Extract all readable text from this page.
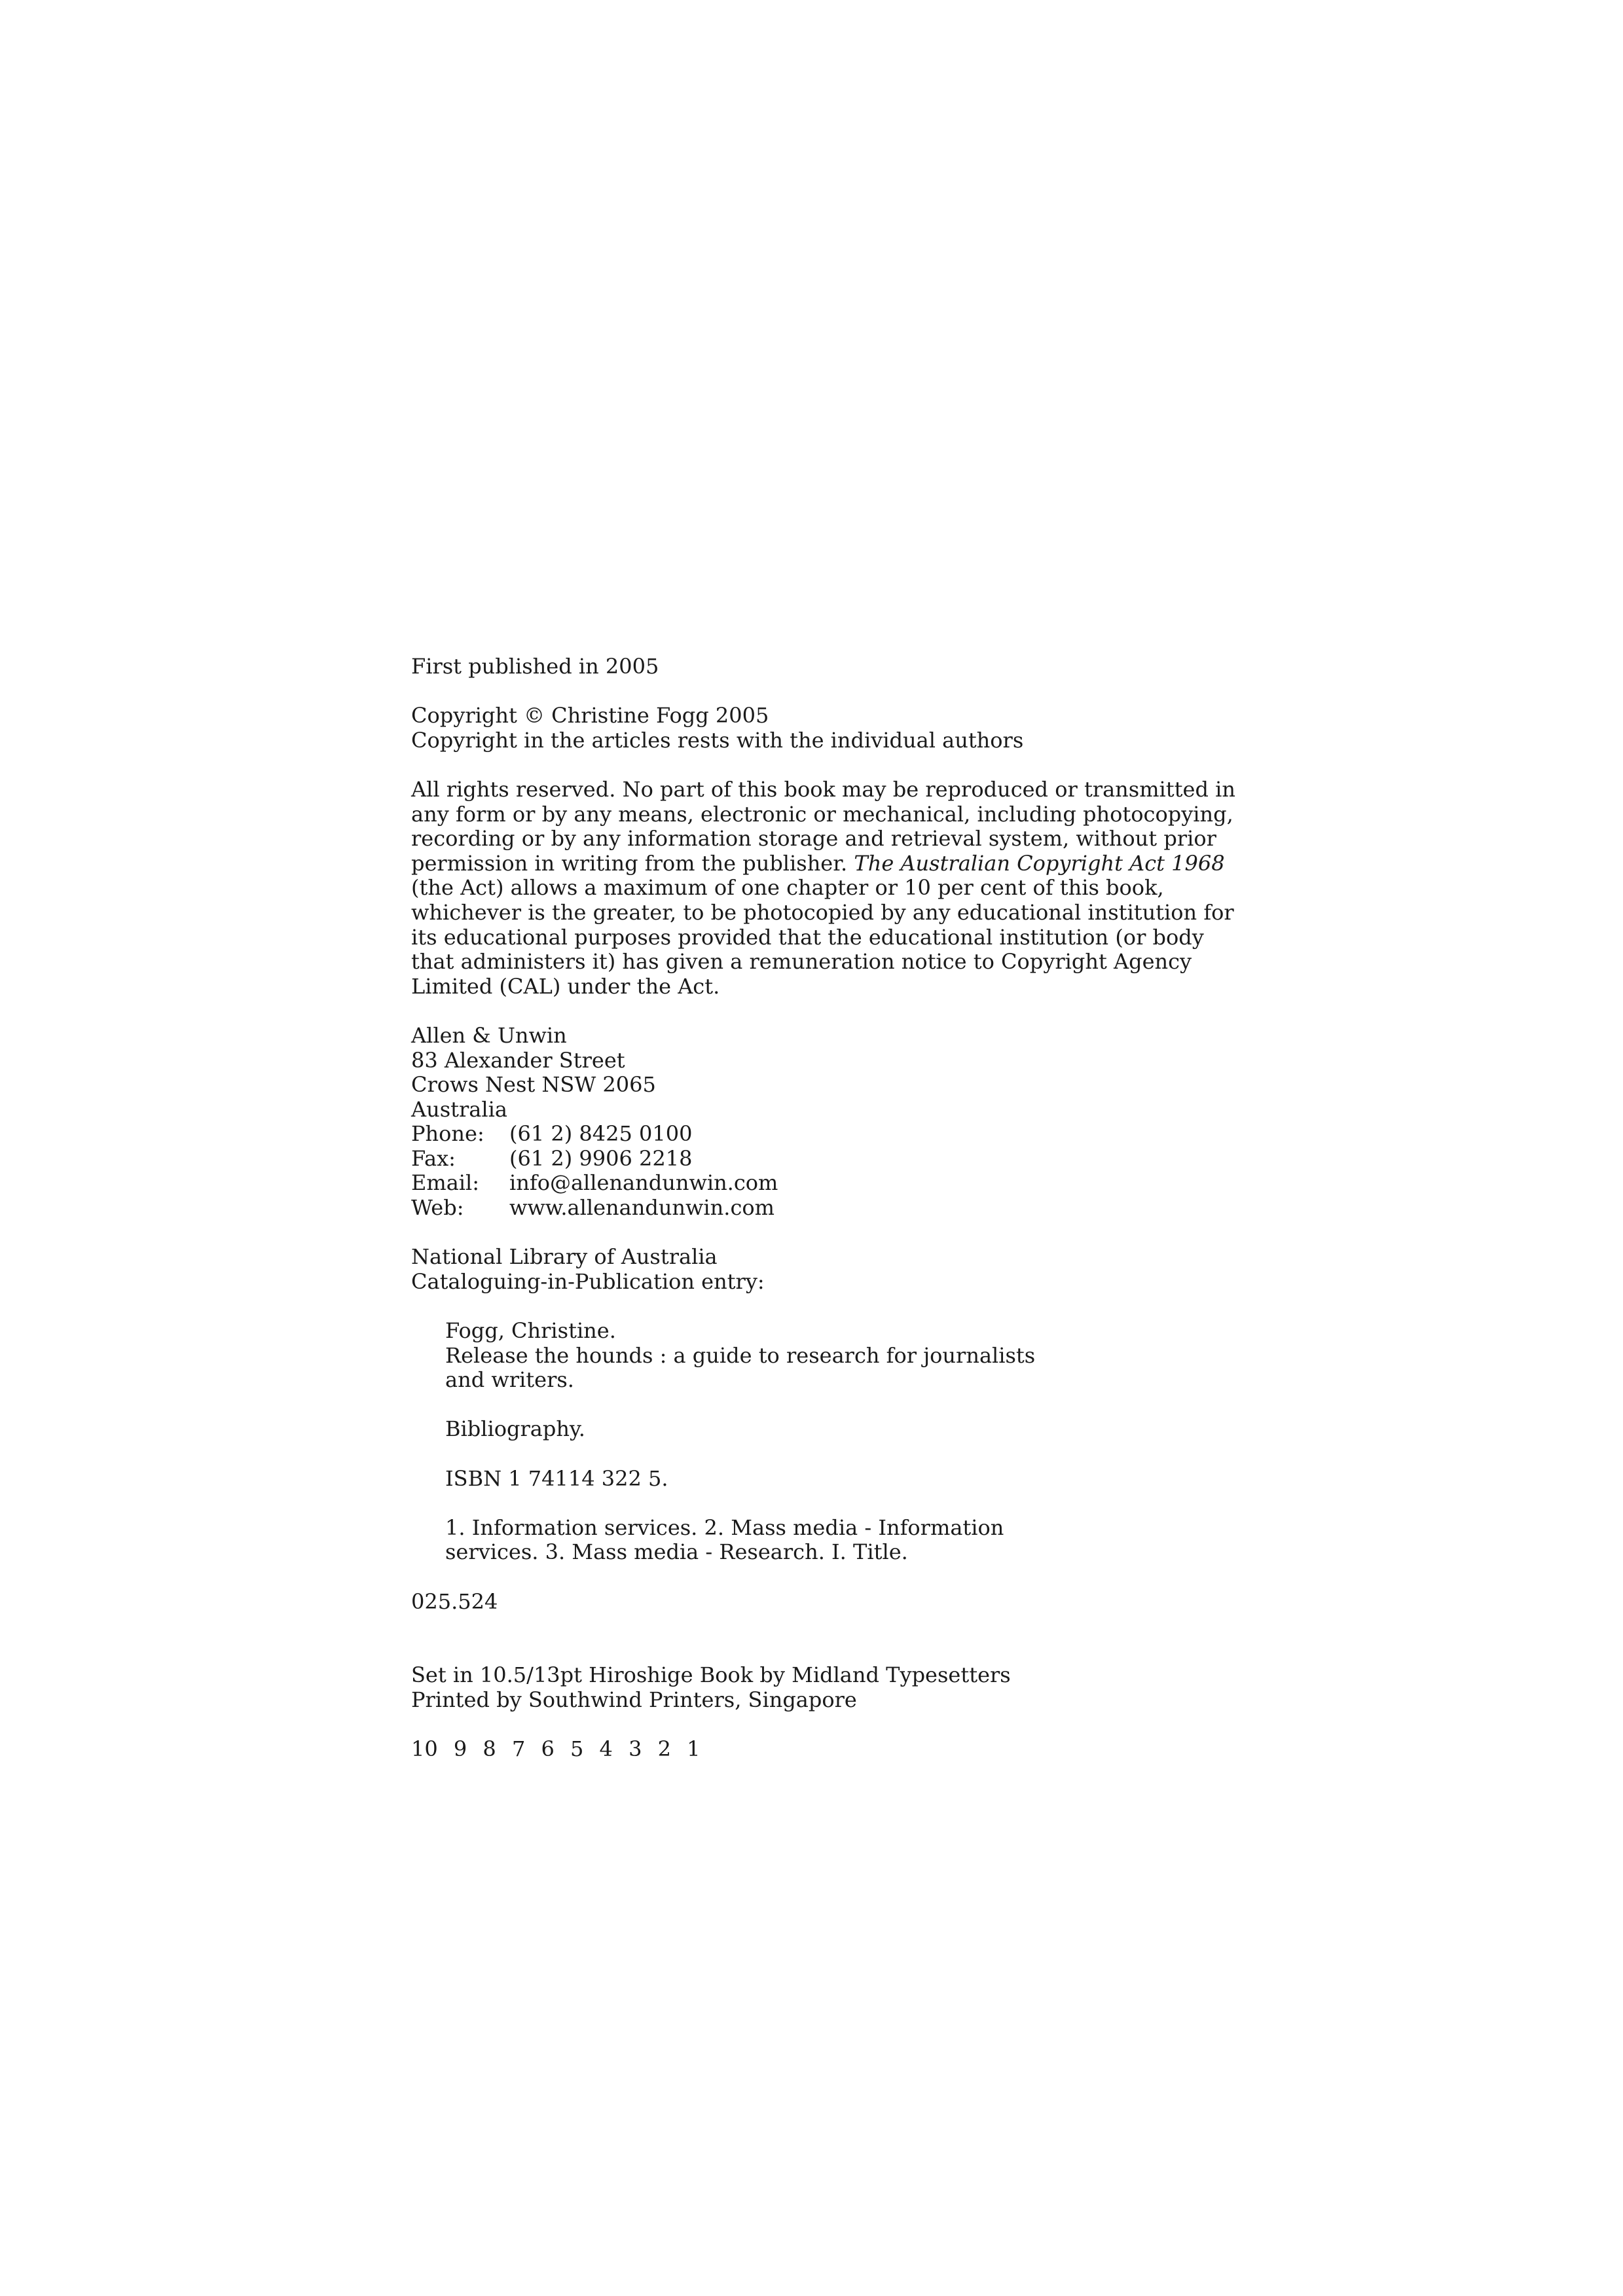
First published in 2005
Copyright © Christine Fogg 2005
Copyright in the articles rests with the individual authors
All rights reserved. No part of this book may be reproduced or transmitted in
any form or by any means, electronic or mechanical, including photocopying,
recording or by any information storage and retrieval system, without prior
permission in writing from the publisher. The Australian Copyright Act 1968
(the Act) allows a maximum of one chapter or 10 per cent of this book,
whichever is the greater, to be photocopied by any educational institution for
its educational purposes provided that the educational institution (or body
that administers it) has given a remuneration notice to Copyright Agency
Limited (CAL) under the Act.
Allen & Unwin
83 Alexander Street
Crows Nest NSW 2065
Australia
Phone:	(61 2) 8425 0100
Fax:	(61 2) 9906 2218
Email:	info@allenandunwin.com
Web:	www.allenandunwin.com
National Library of Australia
Cataloguing-in-Publication entry:
Fogg, Christine.
Release the hounds : a guide to research for journalists
and writers.
Bibliography.
ISBN 1 74114 322 5.
1. Information services. 2. Mass media - Information
services. 3. Mass media - Research. I. Title.
025.524
Set in 10.5/13pt Hiroshige Book by Midland Typesetters
Printed by Southwind Printers, Singapore
10 9 8 7 6 5 4 3 2 1
